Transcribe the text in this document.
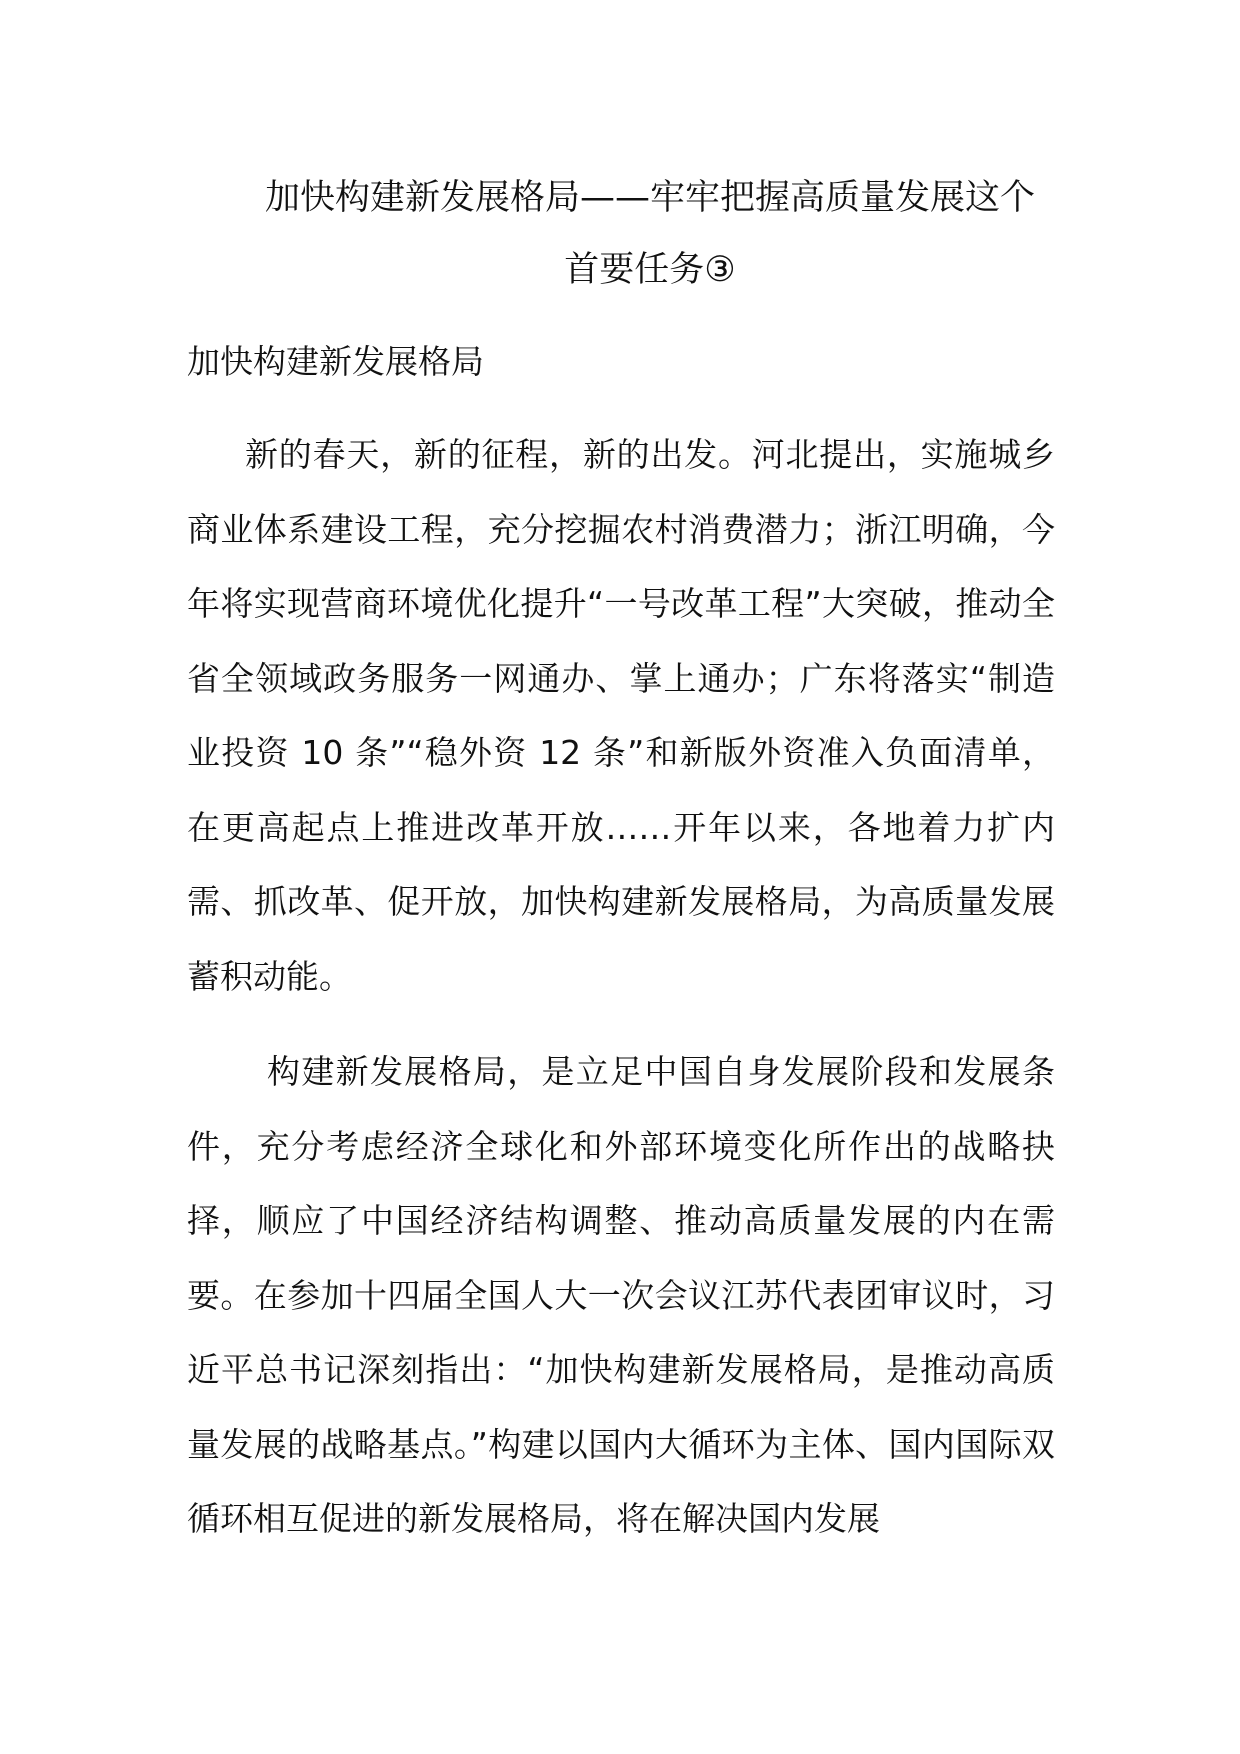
加快构建新发展格局——牢牢把握高质量发展这个首要任务③
加快构建新发展格局

新的春天，新的征程，新的出发。河北提出，实施城乡商业体系建设工程，充分挖掘农村消费潜力；浙江明确，今年将实现营商环境优化提升“一号改革工程”大突破，推动全省全领域政务服务一网通办、掌上通办；广东将落实“制造业投资 10 条”“稳外资 12 条”和新版外资准入负面清单，在更高起点上推进改革开放……开年以来，各地着力扩内需、抓改革、促开放，加快构建新发展格局，为高质量发展蓄积动能。

构建新发展格局，是立足中国自身发展阶段和发展条件，充分考虑经济全球化和外部环境变化所作出的战略抉择，顺应了中国经济结构调整、推动高质量发展的内在需要。在参加十四届全国人大一次会议江苏代表团审议时，习近平总书记深刻指出：“加快构建新发展格局，是推动高质量发展的战略基点。”构建以国内大循环为主体、国内国际双循环相互促进的新发展格局，将在解决国内发展
